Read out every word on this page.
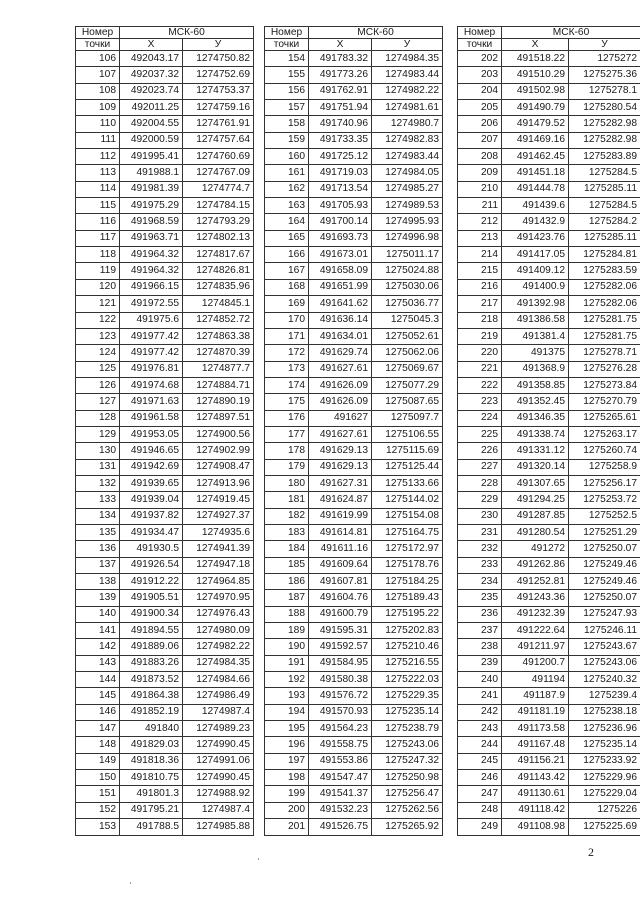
Номер	МСК-60	
точки	X	У
106	492043.17	1274750.82
107	492037.32	1274752.69
108	492023.74	1274753.37
109	492011.25	1274759.16
110	492004.55	1274761.91
111	492000.59	1274757.64
112	491995.41	1274760.69
113	491988.1	1274767.09
114	491981.39	1274774.7
115	491975.29	1274784.15
116	491968.59	1274793.29
117	491963.71	1274802.13
118	491964.32	1274817.67
119	491964.32	1274826.81
120	491966.15	1274835.96
121	491972.55	1274845.1
122	491975.6	1274852.72
123	491977.42	1274863.38
124	491977.42	1274870.39
125	491976.81	1274877.7
126	491974.68	1274884.71
127	491971.63	1274890.19
128	491961.58	1274897.51
129	491953.05	1274900.56
130	491946.65	1274902.99
131	491942.69	1274908.47
132	491939.65	1274913.96
133	491939.04	1274919.45
134	491937.82	1274927.37
135	491934.47	1274935.6
136	491930.5	1274941.39
137	491926.54	1274947.18
138	491912.22	1274964.85
139	491905.51	1274970.95
140	491900.34	1274976.43
141	491894.55	1274980.09
142	491889.06	1274982.22
143	491883.26	1274984.35
144	491873.52	1274984.66
145	491864.38	1274986.49
146	491852.19	1274987.4
147	491840	1274989.23
148	491829.03	1274990.45
149	491818.36	1274991.06
150	491810.75	1274990.45
151	491801.3	1274988.92
152	491795.21	1274987.4
153	491788.5	1274985.88
Номер	МСК-60	
точки	X	У
154	491783.32	1274984.35
155	491773.26	1274983.44
156	491762.91	1274982.22
157	491751.94	1274981.61
158	491740.96	1274980.7
159	491733.35	1274982.83
160	491725.12	1274983.44
161	491719.03	1274984.05
162	491713.54	1274985.27
163	491705.93	1274989.53
164	491700.14	1274995.93
165	491693.73	1274996.98
166	491673.01	1275011.17
167	491658.09	1275024.88
168	491651.99	1275030.06
169	491641.62	1275036.77
170	491636.14	1275045.3
171	491634.01	1275052.61
172	491629.74	1275062.06
173	491627.61	1275069.67
174	491626.09	1275077.29
175	491626.09	1275087.65
176	491627	1275097.7
177	491627.61	1275106.55
178	491629.13	1275115.69
179	491629.13	1275125.44
180	491627.31	1275133.66
181	491624.87	1275144.02
182	491619.99	1275154.08
183	491614.81	1275164.75
184	491611.16	1275172.97
185	491609.64	1275178.76
186	491607.81	1275184.25
187	491604.76	1275189.43
188	491600.79	1275195.22
189	491595.31	1275202.83
190	491592.57	1275210.46
191	491584.95	1275216.55
192	491580.38	1275222.03
193	491576.72	1275229.35
194	491570.93	1275235.14
195	491564.23	1275238.79
196	491558.75	1275243.06
197	491553.86	1275247.32
198	491547.47	1275250.98
199	491541.37	1275256.47
200	491532.23	1275262.56
201	491526.75	1275265.92
Номер	МСК-60	
точки	X	У
202	491518.22	1275272
203	491510.29	1275275.36
204	491502.98	1275278.1
205	491490.79	1275280.54
206	491479.52	1275282.98
207	491469.16	1275282.98
208	491462.45	1275283.89
209	491451.18	1275284.5
210	491444.78	1275285.11
211	491439.6	1275284.5
212	491432.9	1275284.2
213	491423.76	1275285.11
214	491417.05	1275284.81
215	491409.12	1275283.59
216	491400.9	1275282.06
217	491392.98	1275282.06
218	491386.58	1275281.75
219	491381.4	1275281.75
220	491375	1275278.71
221	491368.9	1275276.28
222	491358.85	1275273.84
223	491352.45	1275270.79
224	491346.35	1275265.61
225	491338.74	1275263.17
226	491331.12	1275260.74
227	491320.14	1275258.9
228	491307.65	1275256.17
229	491294.25	1275253.72
230	491287.85	1275252.5
231	491280.54	1275251.29
232	491272	1275250.07
233	491262.86	1275249.46
234	491252.81	1275249.46
235	491243.36	1275250.07
236	491232.39	1275247.93
237	491222.64	1275246.11
238	491211.97	1275243.67
239	491200.7	1275243.06
240	491194	1275240.32
241	491187.9	1275239.4
242	491181.19	1275238.18
243	491173.58	1275236.96
244	491167.48	1275235.14
245	491156.21	1275233.92
246	491143.42	1275229.96
247	491130.61	1275229.04
248	491118.42	1275226
249	491108.98	1275225.69
2
